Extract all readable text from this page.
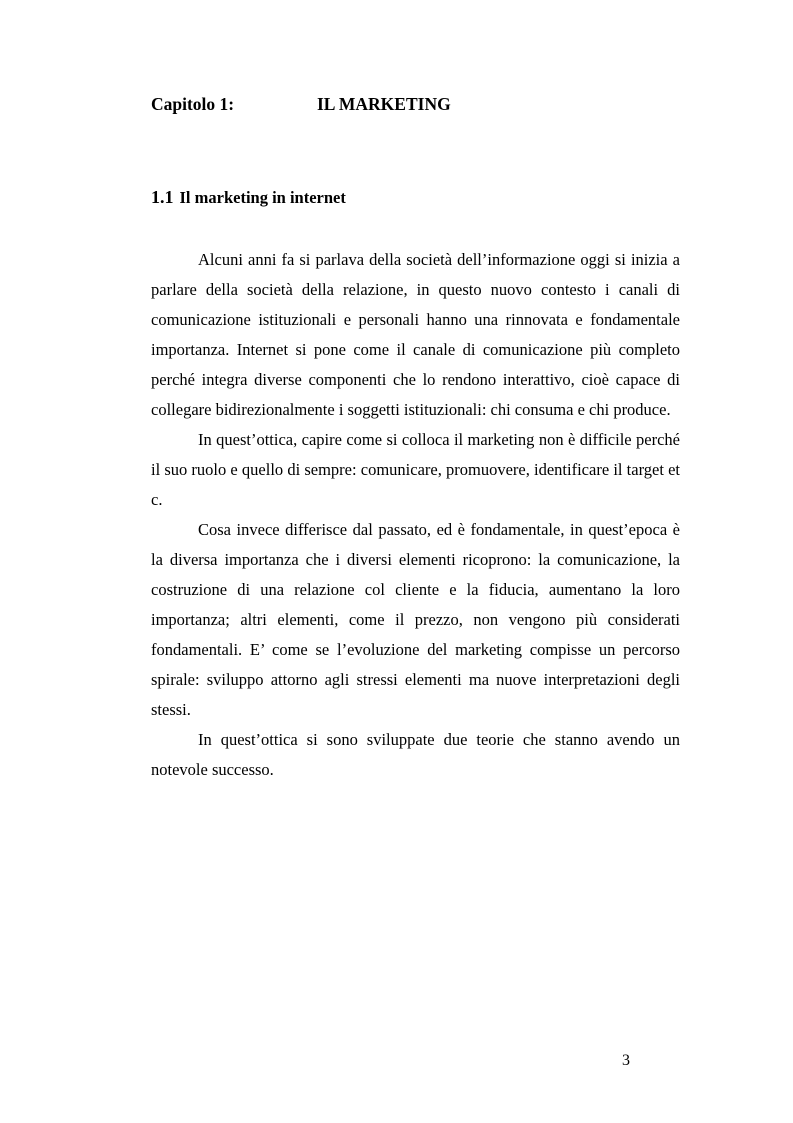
Capitolo 1:	IL MARKETING
1.1 Il marketing in internet

Alcuni anni fa si parlava della società dell’informazione oggi si inizia a parlare della società della relazione, in questo nuovo contesto i canali di comunicazione istituzionali e personali hanno una rinnovata e fondamentale importanza. Internet si pone come il canale di comunicazione più completo perché integra diverse componenti che lo rendono interattivo, cioè capace di collegare bidirezionalmente i soggetti istituzionali: chi consuma e chi produce.

In quest’ottica, capire come si colloca il marketing non è difficile perché il suo ruolo e quello di sempre: comunicare, promuovere, identificare il target et c.

Cosa invece differisce dal passato, ed è fondamentale, in quest’epoca è la diversa importanza che i diversi elementi ricoprono: la comunicazione, la costruzione di una relazione col cliente e la fiducia, aumentano la loro importanza; altri elementi, come il prezzo, non vengono più considerati fondamentali. E’ come se l’evoluzione del marketing compisse un percorso spirale: sviluppo attorno agli stressi elementi ma nuove interpretazioni degli stessi.

In quest’ottica si sono sviluppate due teorie che stanno avendo un notevole successo.

3
